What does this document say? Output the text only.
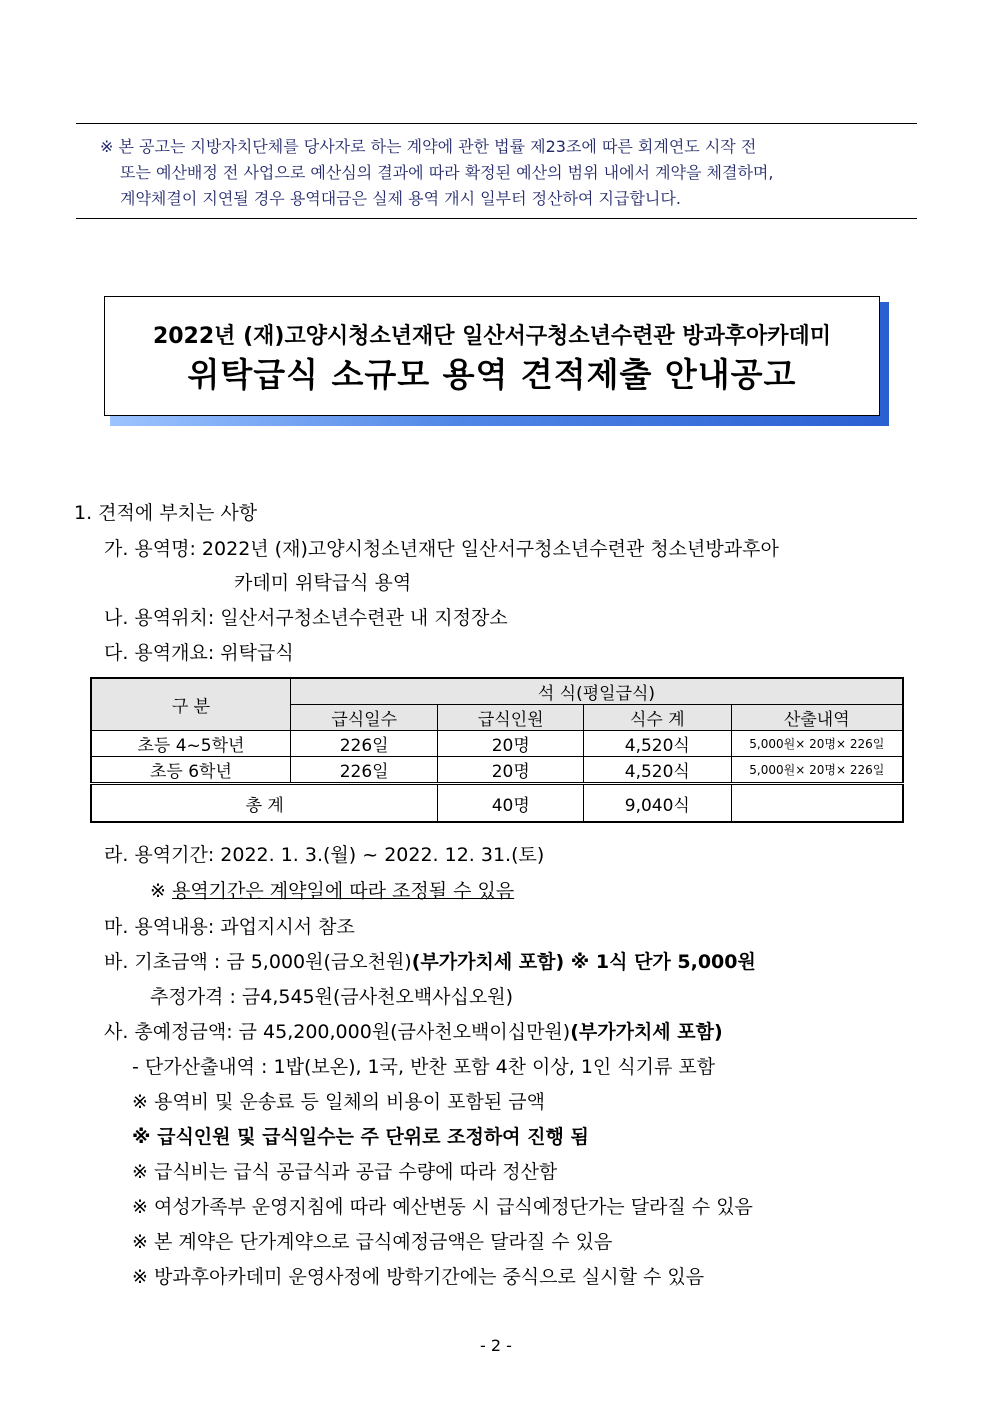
※ 본 공고는 지방자치단체를 당사자로 하는 계약에 관한 법률 제23조에 따른 회계연도 시작 전
또는 예산배정 전 사업으로 예산심의 결과에 따라 확정된 예산의 범위 내에서 계약을 체결하며,
계약체결이 지연될 경우 용역대금은 실제 용역 개시 일부터 정산하여 지급합니다.
2022년 (재)고양시청소년재단 일산서구청소년수련관 방과후아카데미
위탁급식 소규모 용역 견적제출 안내공고
1. 견적에 부치는 사항
가. 용역명: 2022년 (재)고양시청소년재단 일산서구청소년수련관 청소년방과후아
카데미 위탁급식 용역
나. 용역위치: 일산서구청소년수련관 내 지정장소
다. 용역개요: 위탁급식
구 분	석 식(평일급식)			
	급식일수	급식인원	식수 계	산출내역
초등 4~5학년	226일	20명	4,520식	5,000원× 20명× 226일
초등 6학년	226일	20명	4,520식	5,000원× 20명× 226일
총 계		40명	9,040식	
라. 용역기간: 2022. 1. 3.(월) ~ 2022. 12. 31.(토)
※ 용역기간은 계약일에 따라 조정될 수 있음
마. 용역내용: 과업지시서 참조
바. 기초금액 : 금 5,000원(금오천원)(부가가치세 포함) ※ 1식 단가 5,000원
추정가격 : 금4,545원(금사천오백사십오원)
사. 총예정금액: 금 45,200,000원(금사천오백이십만원)(부가가치세 포함)
- 단가산출내역 : 1밥(보온), 1국, 반찬 포함 4찬 이상, 1인 식기류 포함
※ 용역비 및 운송료 등 일체의 비용이 포함된 금액
※ 급식인원 및 급식일수는 주 단위로 조정하여 진행 됨
※ 급식비는 급식 공급식과 공급 수량에 따라 정산함
※ 여성가족부 운영지침에 따라 예산변동 시 급식예정단가는 달라질 수 있음
※ 본 계약은 단가계약으로 급식예정금액은 달라질 수 있음
※ 방과후아카데미 운영사정에 방학기간에는 중식으로 실시할 수 있음
- 2 -
